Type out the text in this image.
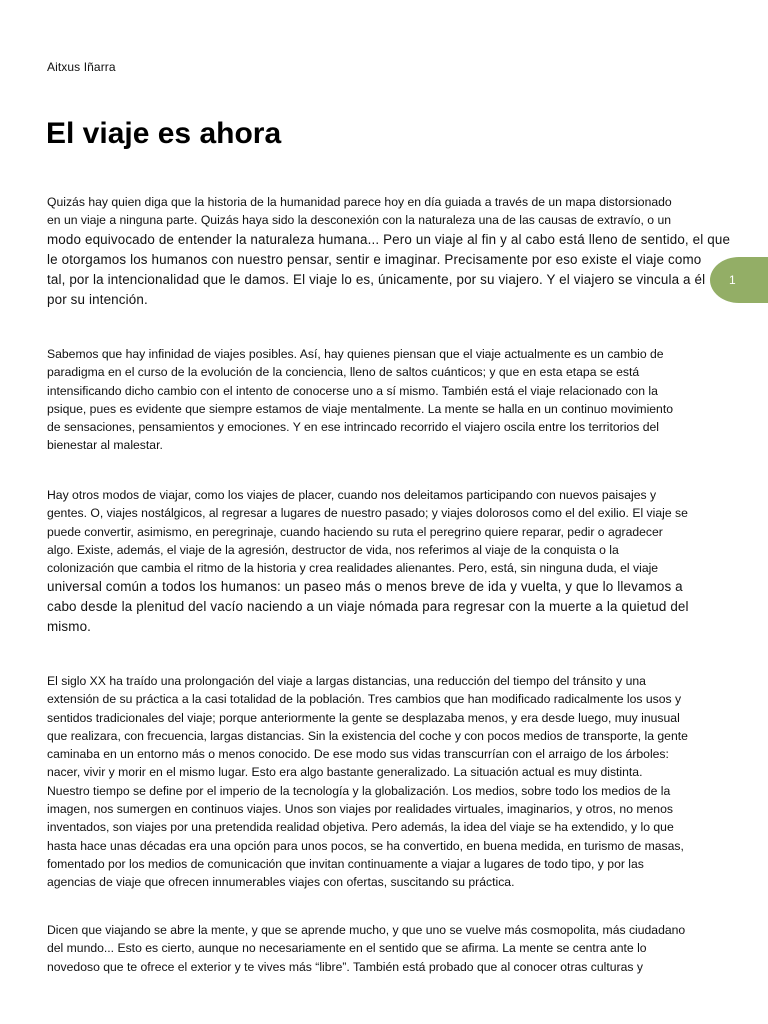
Aitxus Iñarra
El viaje es ahora
Quizás hay quien diga que la historia de la humanidad parece hoy en día guiada a través de un mapa distorsionado
en un viaje a ninguna parte. Quizás haya sido la desconexión con la naturaleza una de las causas de extravío, o un
modo equivocado de entender la naturaleza humana... Pero un viaje al fin y al cabo está lleno de sentido, el que
le otorgamos los humanos con nuestro pensar, sentir e imaginar. Precisamente por eso existe el viaje como
tal, por la intencionalidad que le damos. El viaje lo es, únicamente, por su viajero. Y el viajero se vincula a él
por su intención.
Sabemos que hay infinidad de viajes posibles. Así, hay quienes piensan que el viaje actualmente es un cambio de
paradigma en el curso de la evolución de la conciencia, lleno de saltos cuánticos; y que en esta etapa se está
intensificando dicho cambio con el intento de conocerse uno a sí mismo. También está el viaje relacionado con la
psique, pues es evidente que siempre estamos de viaje mentalmente. La mente se halla en un continuo movimiento
de sensaciones, pensamientos y emociones. Y en ese intrincado recorrido el viajero oscila entre los territorios del
bienestar al malestar.
Hay otros modos de viajar, como los viajes de placer, cuando nos deleitamos participando con nuevos paisajes y
gentes. O, viajes nostálgicos, al regresar a lugares de nuestro pasado; y viajes dolorosos como el del exilio. El viaje se
puede convertir, asimismo, en peregrinaje, cuando haciendo su ruta el peregrino quiere reparar, pedir o agradecer
algo. Existe, además, el viaje de la agresión, destructor de vida, nos referimos al viaje de la conquista o la
colonización que cambia el ritmo de la historia y crea realidades alienantes. Pero, está, sin ninguna duda, el viaje
universal común a todos los humanos: un paseo más o menos breve de ida y vuelta, y que lo llevamos a
cabo desde la plenitud del vacío naciendo a un viaje nómada para regresar con la muerte a la quietud del
mismo.
El siglo XX ha traído una prolongación del viaje a largas distancias, una reducción del tiempo del tránsito y una
extensión de su práctica a la casi totalidad de la población. Tres cambios que han modificado radicalmente los usos y
sentidos tradicionales del viaje; porque anteriormente la gente se desplazaba menos, y era desde luego, muy inusual
que realizara, con frecuencia, largas distancias. Sin la existencia del coche y con pocos medios de transporte, la gente
caminaba en un entorno más o menos conocido. De ese modo sus vidas transcurrían con el arraigo de los árboles:
nacer, vivir y morir en el mismo lugar. Esto era algo bastante generalizado. La situación actual es muy distinta.
Nuestro tiempo se define por el imperio de la tecnología y la globalización. Los medios, sobre todo los medios de la
imagen, nos sumergen en continuos viajes. Unos son viajes por realidades virtuales, imaginarios, y otros, no menos
inventados, son viajes por una pretendida realidad objetiva. Pero además, la idea del viaje se ha extendido, y lo que
hasta hace unas décadas era una opción para unos pocos, se ha convertido, en buena medida, en turismo de masas,
fomentado por los medios de comunicación que invitan continuamente a viajar a lugares de todo tipo, y por las
agencias de viaje que ofrecen innumerables viajes con ofertas, suscitando su práctica.
Dicen que viajando se abre la mente, y que se aprende mucho, y que uno se vuelve más cosmopolita, más ciudadano
del mundo... Esto es cierto, aunque no necesariamente en el sentido que se afirma. La mente se centra ante lo
novedoso que te ofrece el exterior y te vives más “libre”. También está probado que al conocer otras culturas y
1
